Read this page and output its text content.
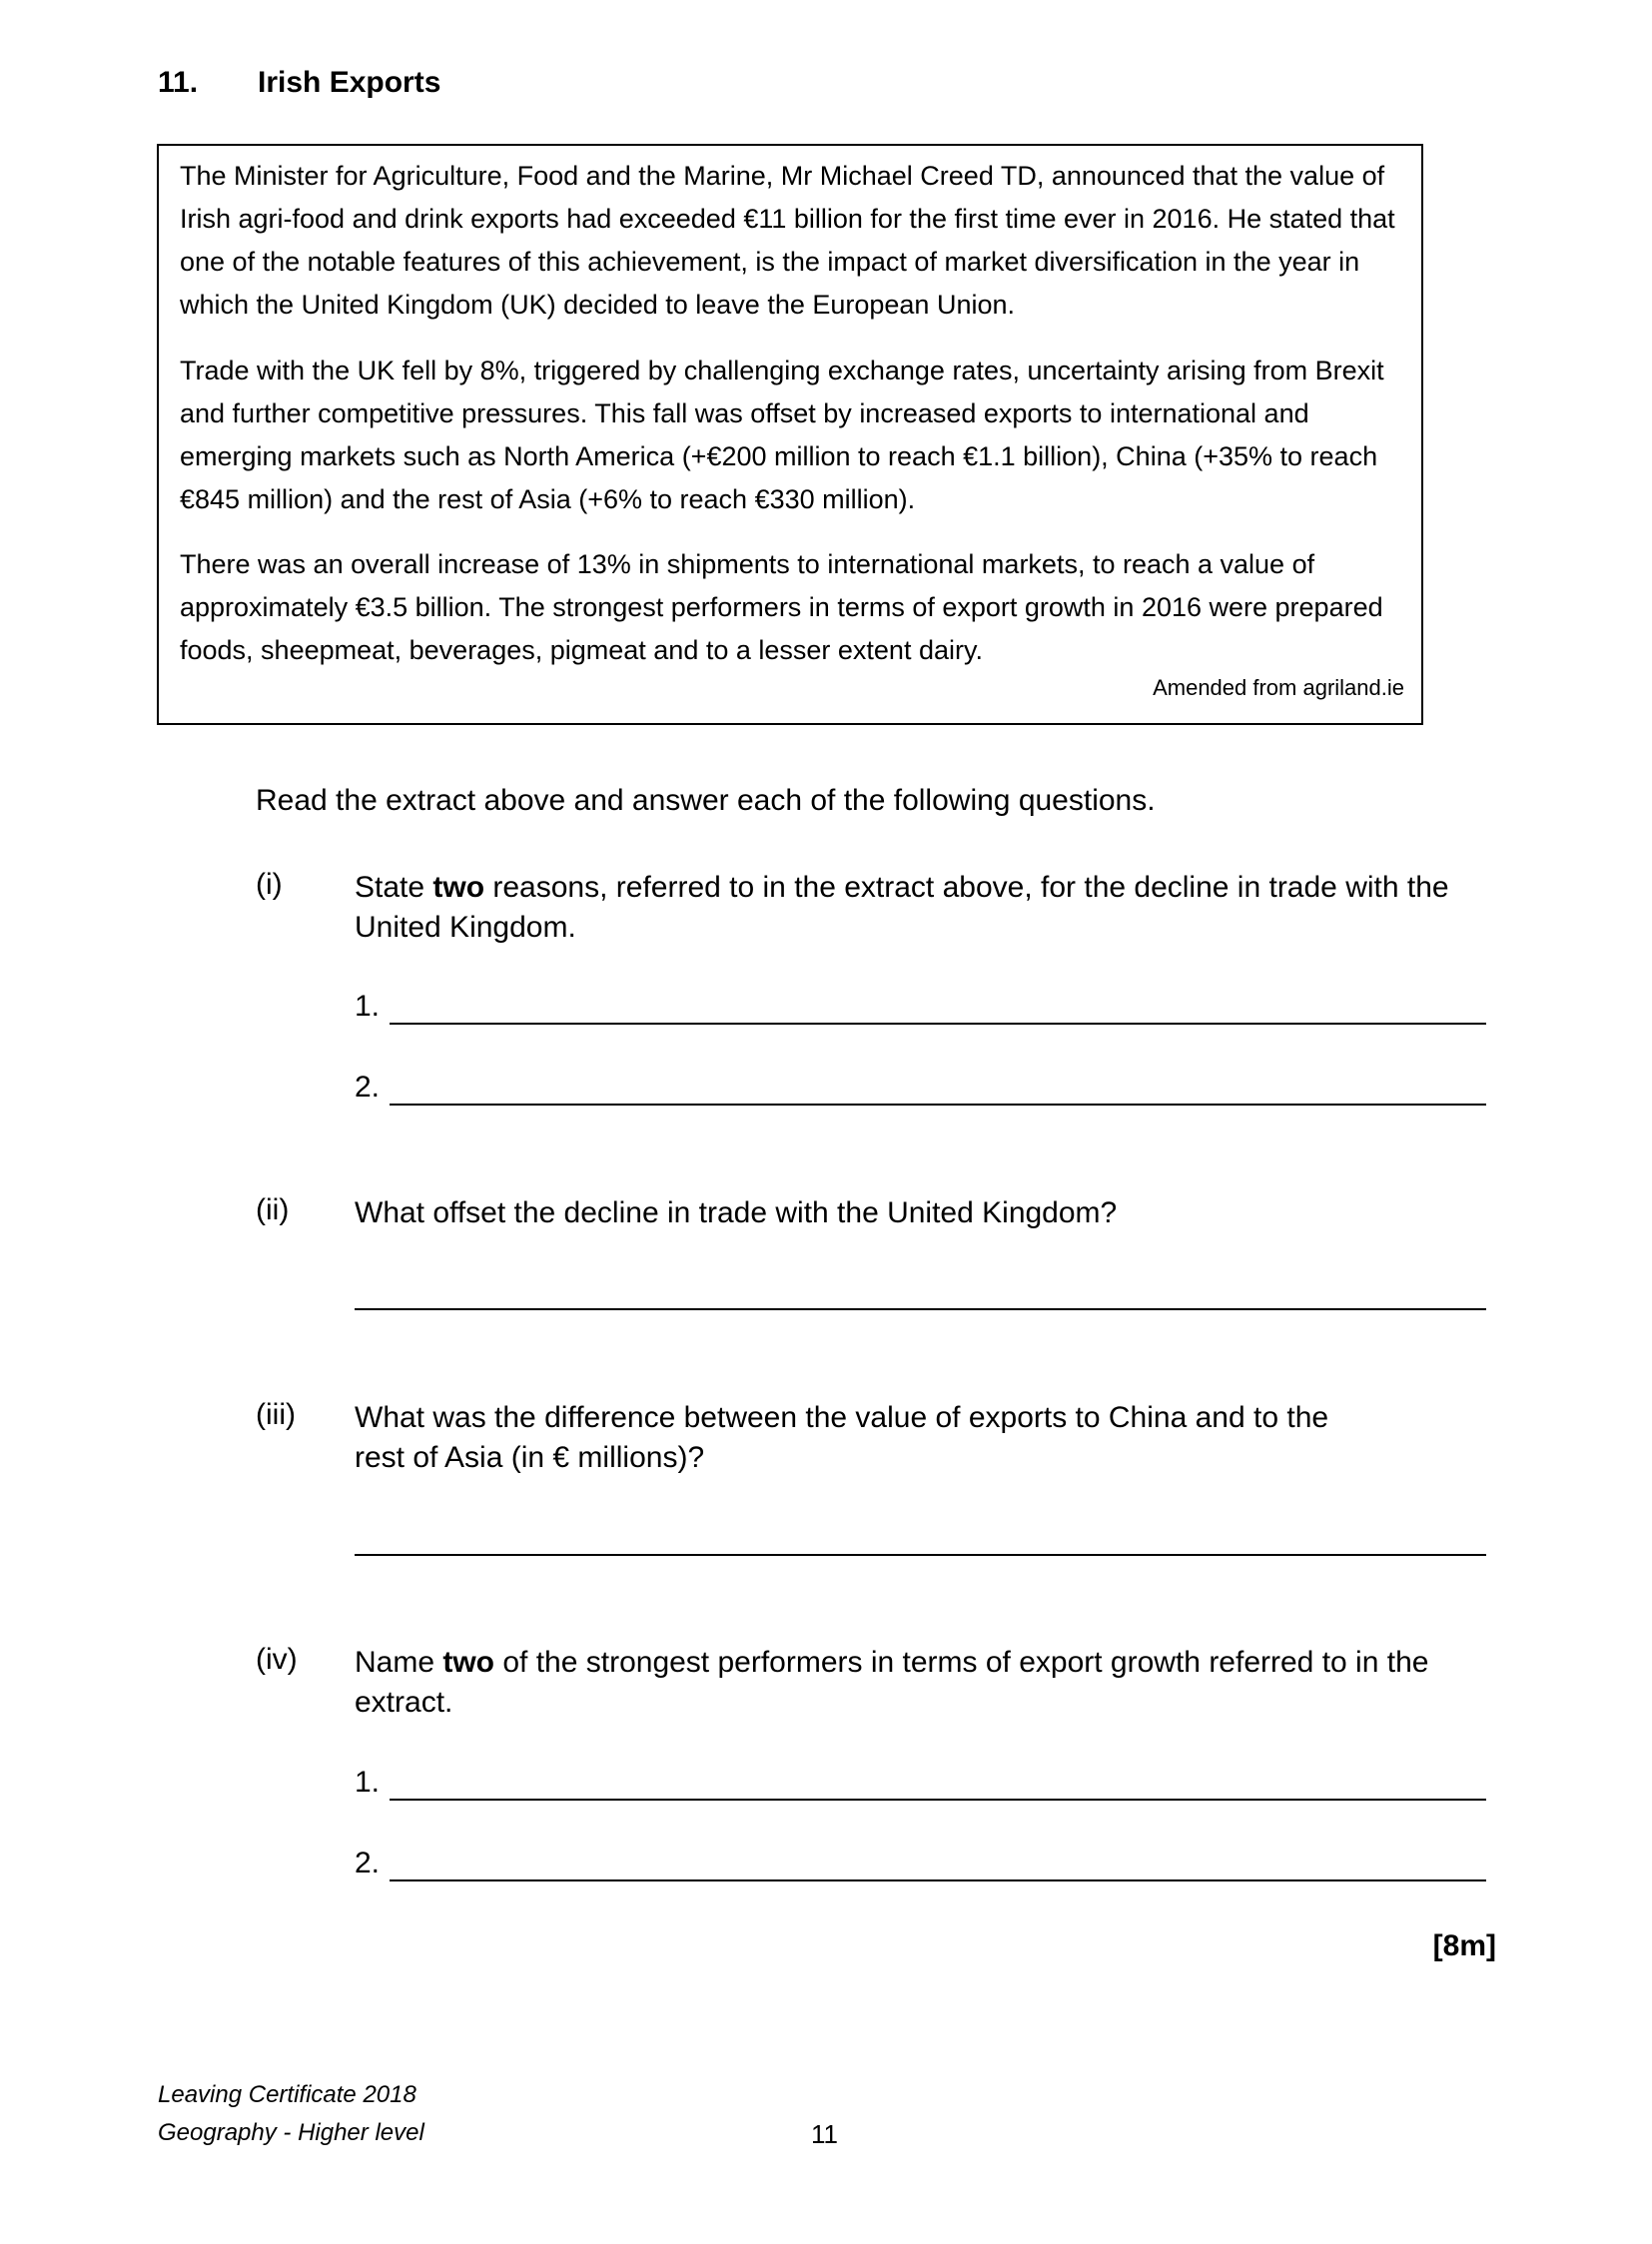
11. Irish Exports
The Minister for Agriculture, Food and the Marine, Mr Michael Creed TD, announced that the value of Irish agri-food and drink exports had exceeded €11 billion for the first time ever in 2016. He stated that one of the notable features of this achievement, is the impact of market diversification in the year in which the United Kingdom (UK) decided to leave the European Union.
Trade with the UK fell by 8%, triggered by challenging exchange rates, uncertainty arising from Brexit and further competitive pressures. This fall was offset by increased exports to international and emerging markets such as North America (+€200 million to reach €1.1 billion), China (+35% to reach €845 million) and the rest of Asia (+6% to reach €330 million).
There was an overall increase of 13% in shipments to international markets, to reach a value of approximately €3.5 billion. The strongest performers in terms of export growth in 2016 were prepared foods, sheepmeat, beverages, pigmeat and to a lesser extent dairy.
Amended from agriland.ie
Read the extract above and answer each of the following questions.
(i) State two reasons, referred to in the extract above, for the decline in trade with the United Kingdom.
1.
2.
(ii) What offset the decline in trade with the United Kingdom?
(iii) What was the difference between the value of exports to China and to the rest of Asia (in € millions)?
(iv) Name two of the strongest performers in terms of export growth referred to in the extract.
1.
2.
[8m]
Leaving Certificate 2018
Geography - Higher level	11
